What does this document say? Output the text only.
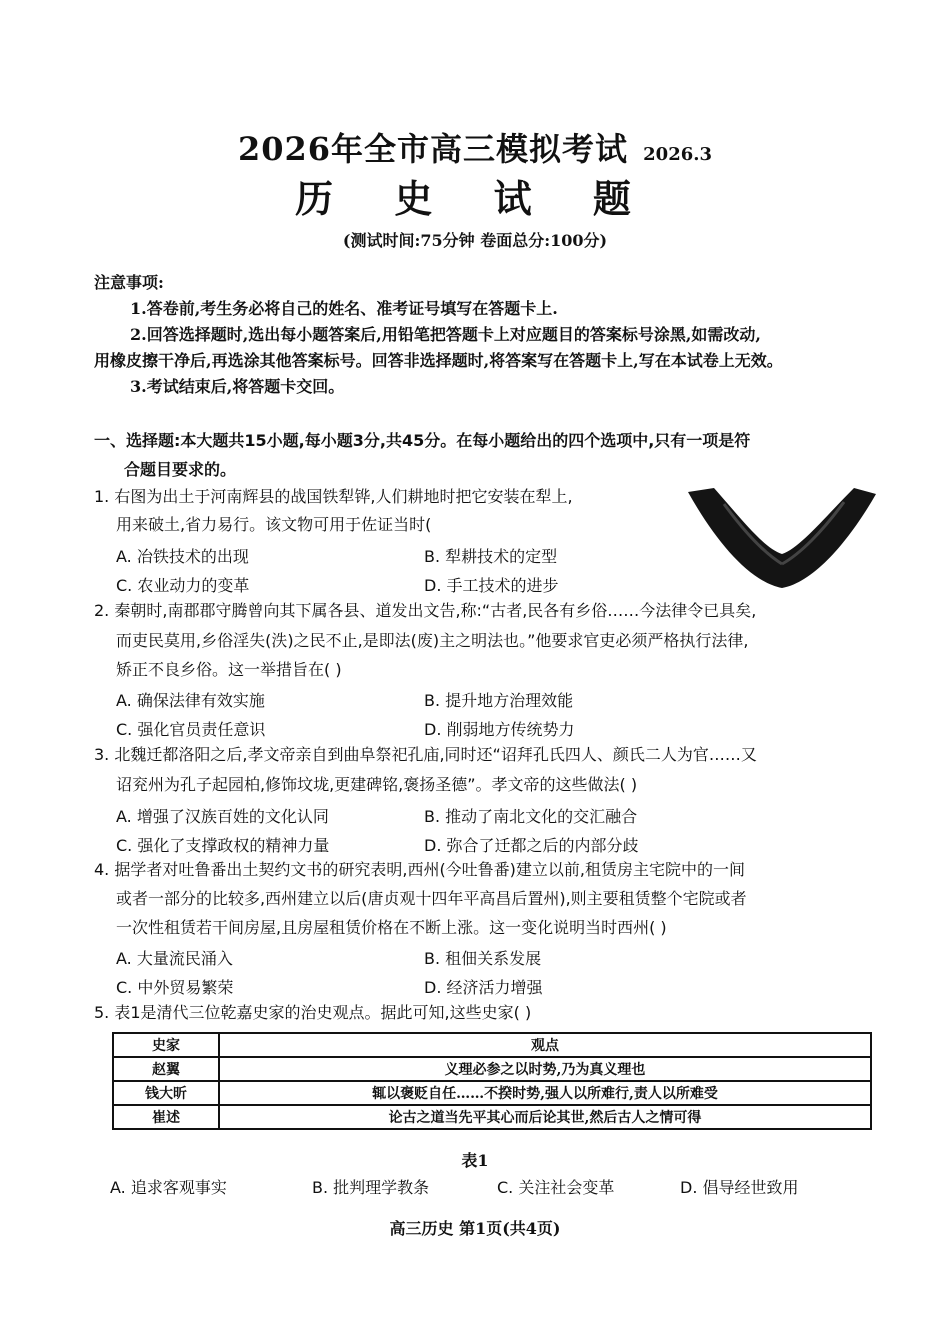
2026年全市高三模拟考试 2026.3
历 史 试 题
(测试时间:75分钟 卷面总分:100分)
注意事项:
1.答卷前,考生务必将自己的姓名、准考证号填写在答题卡上.
2.回答选择题时,选出每小题答案后,用铅笔把答题卡上对应题目的答案标号涂黑,如需改动,
用橡皮擦干净后,再选涂其他答案标号。回答非选择题时,将答案写在答题卡上,写在本试卷上无效。
3.考试结束后,将答题卡交回。
一、选择题:本大题共15小题,每小题3分,共45分。在每小题给出的四个选项中,只有一项是符
合题目要求的。
1. 右图为出土于河南辉县的战国铁犁铧,人们耕地时把它安装在犁上,
用来破土,省力易行。该文物可用于佐证当时(
A. 冶铁技术的出现	B. 犁耕技术的定型
C. 农业动力的变革	D. 手工技术的进步
2. 秦朝时,南郡郡守腾曾向其下属各县、道发出文告,称:“古者,民各有乡俗……今法律令已具矣,
而吏民莫用,乡俗淫失(泆)之民不止,是即法(废)主之明法也。”他要求官吏必须严格执行法律,
矫正不良乡俗。这一举措旨在( )
A. 确保法律有效实施	B. 提升地方治理效能
C. 强化官员责任意识	D. 削弱地方传统势力
3. 北魏迁都洛阳之后,孝文帝亲自到曲阜祭祀孔庙,同时还“诏拜孔氏四人、颜氏二人为官……又
诏兖州为孔子起园柏,修饰坟垅,更建碑铭,褒扬圣德”。孝文帝的这些做法( )
A. 增强了汉族百姓的文化认同	B. 推动了南北文化的交汇融合
C. 强化了支撑政权的精神力量	D. 弥合了迁都之后的内部分歧
4. 据学者对吐鲁番出土契约文书的研究表明,西州(今吐鲁番)建立以前,租赁房主宅院中的一间
或者一部分的比较多,西州建立以后(唐贞观十四年平高昌后置州),则主要租赁整个宅院或者
一次性租赁若干间房屋,且房屋租赁价格在不断上涨。这一变化说明当时西州( )
A. 大量流民涌入	B. 租佃关系发展
C. 中外贸易繁荣	D. 经济活力增强
5. 表1是清代三位乾嘉史家的治史观点。据此可知,这些史家( )
史家	观点
赵翼	义理必参之以时势,乃为真义理也
钱大昕	辄以褒贬自任……不揆时势,强人以所难行,责人以所难受
崔述	论古之道当先平其心而后论其世,然后古人之情可得
表1
A. 追求客观事实	B. 批判理学教条	C. 关注社会变革	D. 倡导经世致用
高三历史 第1页(共4页)
